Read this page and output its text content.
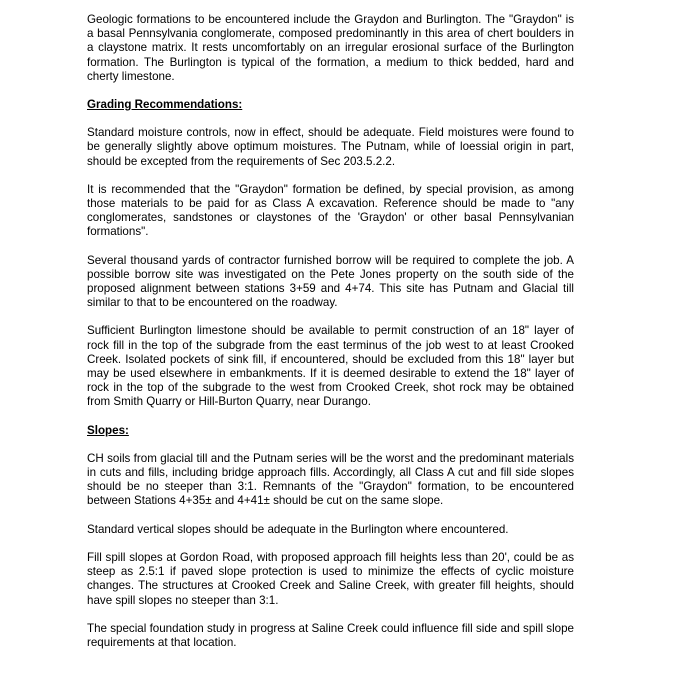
Geologic formations to be encountered include the Graydon and Burlington. The "Graydon" is a basal Pennsylvania conglomerate, composed predominantly in this area of chert boulders in a claystone matrix. It rests uncomfortably on an irregular erosional surface of the Burlington formation. The Burlington is typical of the formation, a medium to thick bedded, hard and cherty limestone.

Grading Recommendations:

Standard moisture controls, now in effect, should be adequate. Field moistures were found to be generally slightly above optimum moistures. The Putnam, while of loessial origin in part, should be excepted from the requirements of Sec 203.5.2.2.

It is recommended that the "Graydon" formation be defined, by special provision, as among those materials to be paid for as Class A excavation. Reference should be made to "any conglomerates, sandstones or claystones of the 'Graydon' or other basal Pennsylvanian formations".

Several thousand yards of contractor furnished borrow will be required to complete the job. A possible borrow site was investigated on the Pete Jones property on the south side of the proposed alignment between stations 3+59 and 4+74. This site has Putnam and Glacial till similar to that to be encountered on the roadway.

Sufficient Burlington limestone should be available to permit construction of an 18" layer of rock fill in the top of the subgrade from the east terminus of the job west to at least Crooked Creek. Isolated pockets of sink fill, if encountered, should be excluded from this 18" layer but may be used elsewhere in embankments. If it is deemed desirable to extend the 18" layer of rock in the top of the subgrade to the west from Crooked Creek, shot rock may be obtained from Smith Quarry or Hill-Burton Quarry, near Durango.

Slopes:

CH soils from glacial till and the Putnam series will be the worst and the predominant materials in cuts and fills, including bridge approach fills. Accordingly, all Class A cut and fill side slopes should be no steeper than 3:1. Remnants of the "Graydon" formation, to be encountered between Stations 4+35± and 4+41± should be cut on the same slope.

Standard vertical slopes should be adequate in the Burlington where encountered.

Fill spill slopes at Gordon Road, with proposed approach fill heights less than 20', could be as steep as 2.5:1 if paved slope protection is used to minimize the effects of cyclic moisture changes. The structures at Crooked Creek and Saline Creek, with greater fill heights, should have spill slopes no steeper than 3:1.

The special foundation study in progress at Saline Creek could influence fill side and spill slope requirements at that location.
